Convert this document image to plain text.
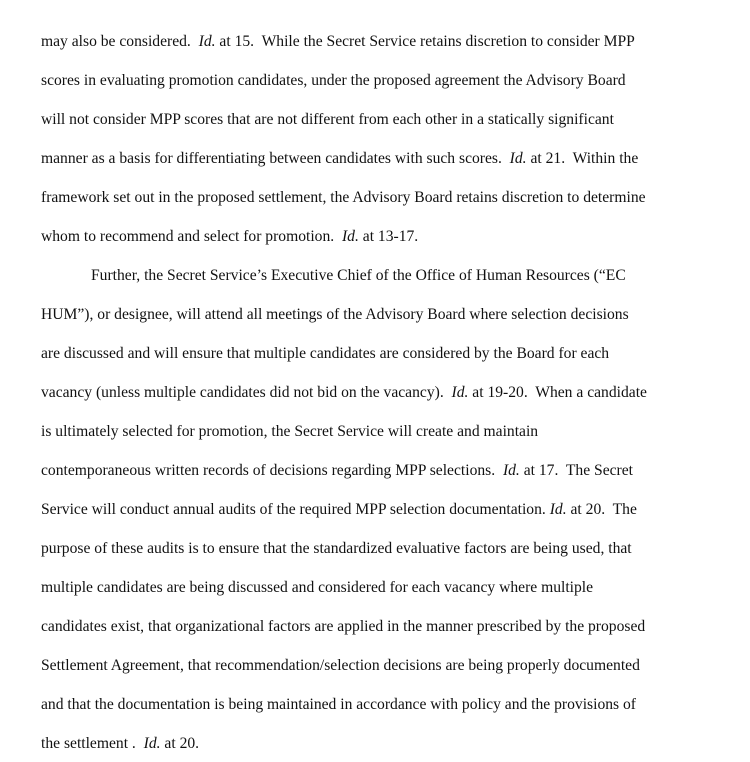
may also be considered.  Id. at 15.  While the Secret Service retains discretion to consider MPP
scores in evaluating promotion candidates, under the proposed agreement the Advisory Board
will not consider MPP scores that are not different from each other in a statically significant
manner as a basis for differentiating between candidates with such scores.  Id. at 21.  Within the
framework set out in the proposed settlement, the Advisory Board retains discretion to determine
whom to recommend and select for promotion.  Id. at 13-17.
Further, the Secret Service’s Executive Chief of the Office of Human Resources (“EC
HUM”), or designee, will attend all meetings of the Advisory Board where selection decisions
are discussed and will ensure that multiple candidates are considered by the Board for each
vacancy (unless multiple candidates did not bid on the vacancy).  Id. at 19-20.  When a candidate
is ultimately selected for promotion, the Secret Service will create and maintain
contemporaneous written records of decisions regarding MPP selections.  Id. at 17.  The Secret
Service will conduct annual audits of the required MPP selection documentation. Id. at 20.  The
purpose of these audits is to ensure that the standardized evaluative factors are being used, that
multiple candidates are being discussed and considered for each vacancy where multiple
candidates exist, that organizational factors are applied in the manner prescribed by the proposed
Settlement Agreement, that recommendation/selection decisions are being properly documented
and that the documentation is being maintained in accordance with policy and the provisions of
the settlement .  Id. at 20.
